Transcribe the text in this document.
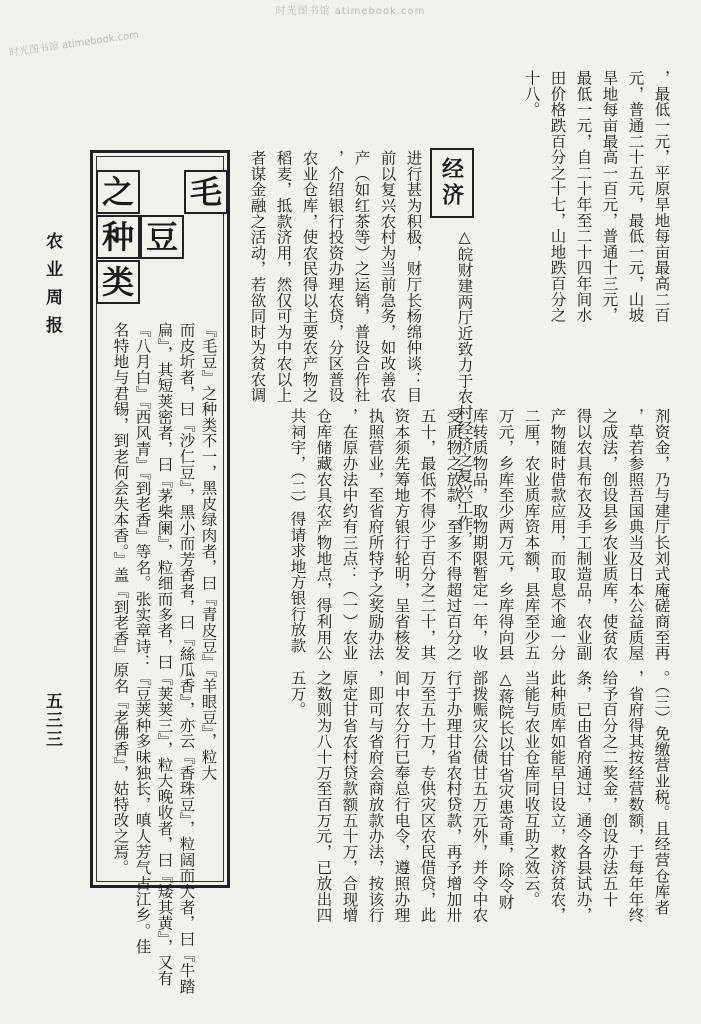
时光图书馆 atimebook.com
时光图书馆 atimebook.com
农业周报
五三三
毛
豆
之
种
类
『毛豆』之种类不一，黑皮绿肉者，曰『青皮豆』『羊眼豆』，粒大
而皮圻者，曰『沙仁豆』，黑小而芳香者，曰『絲瓜香』，亦云『香珠豆』，粒阔而大者，曰『牛踏
扁』，其短荚密者，曰『茅柴阑』，粒细而多者，曰『荚荚三』，粒大晚收者，曰『矮其黄』，又有
『八月白』『西风青』『到老香』等名。张实章诗：『豆荚种多味独长，嗔人芳气占江乡。佳
名特地与君锡，到老何会失本香。』盖『到老香』原名『老佛香』，姑特改之焉。
，最低一元，平原旱地每亩最高二百
元，普通二十五元，最低一元，山坡
旱地每亩最高一百元，普通十三元，
最低一元，自二十年至二十四年间水
田价格跌百分之十七，山地跌百分之
十八。
经济
△皖财建两厅近致力于农村经济之复兴工作，
进行甚为积极，财厅长杨绵仲谈：目
前以复兴农村为当前急务，如改善农
产（如红茶等）之运销，普设合作社
，介绍银行投资办理农贷，分区普设
农业仓库，使农民得以主要农产物之
稻麦，抵款济用，然仅可为中农以上
者谋金融之活动，若欲同时为贫农调
剂资金，乃与建厅长刘式庵磋商至再
，草若参照吾国典当及日本公益质屋
之成法，创设县乡农业质库，使贫农
得以农具布衣及手工制造品，农业副
产物随时借款应用，而取息不逾一分
二厘，农业质库资本额，县库至少五
万元，乡库至少两万元，乡库得向县
库转质物品，取物期限暂定一年，收
受质物之放款，至多不得超过百分之
五十，最低不得少于百分之二十，其
资本须先筹地方银行轮明，呈省核发
执照营业，至省府所特予之奖励办法
，在原办法中约有三点：（一）农业
仓库储藏农具农产物地点，得利用公
共祠宇，（二）得请求地方银行放款
。（三）免缴营业税。且经营仓库者
，省府得其按经营数额，于每年年终
给予百分之二奖金，创设办法五十
条，已由省府通过，通令各县试办，
此种质库如能早日设立，救济贫农，
当能与农业仓库同收互助之效云。
△蒋院长以甘省灾患奇重，除令财
部拨赈灾公债甘五万元外，并令中农
行于办理甘省农村贷款，再予增加卅
万至五十万，专供灾区农民借贷，此
间中农分行已奉总行电令，遵照办理
，即可与省府会商放款办法，按该行
原定甘省农村贷款额五十万，合现增
之数则为八十万至百万元，已放出四
五万。
